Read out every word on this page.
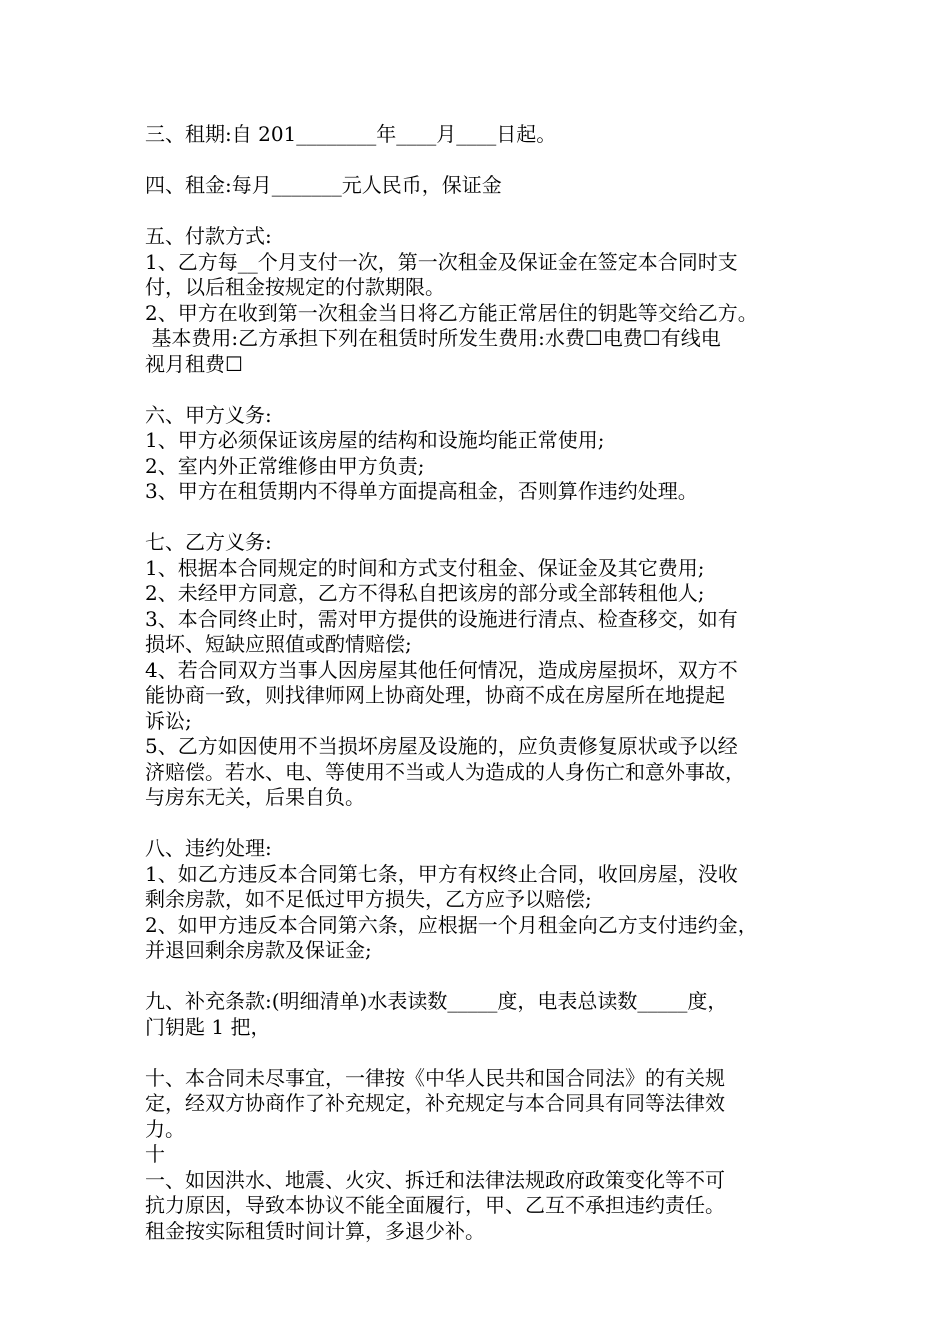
三、租期:自 201________年____月____日起。
四、租金:每月_______元人民币，保证金
五、付款方式:
1、乙方每__个月支付一次，第一次租金及保证金在签定本合同时支
付，以后租金按规定的付款期限。
2、甲方在收到第一次租金当日将乙方能正常居住的钥匙等交给乙方。
基本费用:乙方承担下列在租赁时所发生费用:水费☐电费☐有线电
视月租费☐
六、甲方义务:
1、甲方必须保证该房屋的结构和设施均能正常使用;
2、室内外正常维修由甲方负责;
3、甲方在租赁期内不得单方面提高租金，否则算作违约处理。
七、乙方义务:
1、根据本合同规定的时间和方式支付租金、保证金及其它费用;
2、未经甲方同意，乙方不得私自把该房的部分或全部转租他人;
3、本合同终止时，需对甲方提供的设施进行清点、检查移交，如有
损坏、短缺应照值或酌情赔偿;
4、若合同双方当事人因房屋其他任何情况，造成房屋损坏，双方不
能协商一致，则找律师网上协商处理，协商不成在房屋所在地提起
诉讼;
5、乙方如因使用不当损坏房屋及设施的，应负责修复原状或予以经
济赔偿。若水、电、等使用不当或人为造成的人身伤亡和意外事故，
与房东无关，后果自负。
八、违约处理:
1、如乙方违反本合同第七条，甲方有权终止合同，收回房屋，没收
剩余房款，如不足低过甲方损失，乙方应予以赔偿;
2、如甲方违反本合同第六条，应根据一个月租金向乙方支付违约金，
并退回剩余房款及保证金;
九、补充条款:(明细清单)水表读数_____度，电表总读数_____度，
门钥匙 1 把，
十、本合同未尽事宜，一律按《中华人民共和国合同法》的有关规
定，经双方协商作了补充规定，补充规定与本合同具有同等法律效
力。
十
一、如因洪水、地震、火灾、拆迁和法律法规政府政策变化等不可
抗力原因，导致本协议不能全面履行，甲、乙互不承担违约责任。
租金按实际租赁时间计算，多退少补。
